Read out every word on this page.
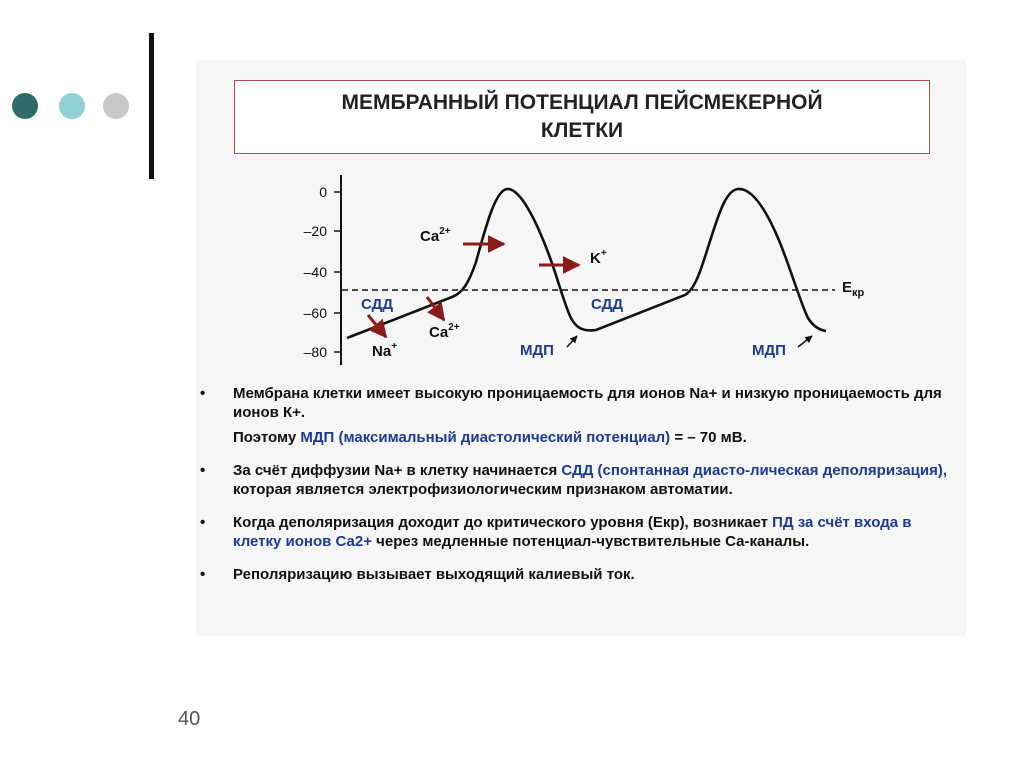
МЕМБРАННЫЙ ПОТЕНЦИАЛ ПЕЙСМЕКЕРНОЙ
КЛЕТКИ
0
–20
–40
–60
–80
$Ca^{2+}$
K+
$E_{кр}$
СДД	СДД
Na+
$Ca^{2+}$
МДП	МДП
• Мембрана клетки имеет высокую проницаемость для ионов Na+ и низкую проницаемость для ионов К+.
Поэтому МДП (максимальный диастолический потенциал) = – 70 мВ.
• За счёт диффузии Na+ в клетку начинается СДД (спонтанная диасто-лическая деполяризация), которая является электрофизиологическим признаком автоматии.
• Когда деполяризация доходит до критического уровня (Екр), возникает ПД за счёт входа в клетку ионов Са2+ через медленные потенциал-чувствительные Са-каналы.
• Реполяризацию вызывает выходящий калиевый ток.
40
